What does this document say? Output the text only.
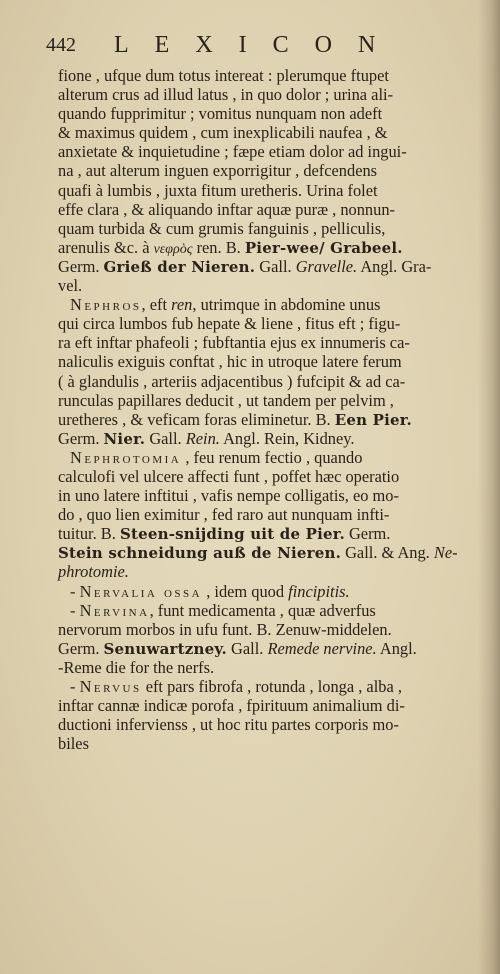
442 LEXICON
fione , ufque dum totus intereat : plerumque ftupet
alterum crus ad illud latus , in quo dolor ; urina ali-
quando fupprimitur ; vomitus nunquam non adeft
& maximus quidem , cum inexplicabili naufea , &
anxietate & inquietudine ; fæpe etiam dolor ad ingui-
na , aut alterum inguen exporrigitur , defcendens
quafi à lumbis , juxta fitum uretheris. Urina folet
effe clara , & aliquando inftar aquæ puræ , nonnun-
quam turbida & cum grumis fanguinis , pelliculis,
arenulis &c. à νεφρὸς ren. B. Pier-wee/ Grabeel.
Germ. Grieß der Nieren. Gall. Gravelle. Angl. Gra-
vel.
Nephros, eft ren, utrimque in abdomine unus
qui circa lumbos fub hepate & liene , fitus eft ; figu-
ra eft inftar phafeoli ; fubftantia ejus ex innumeris ca-
naliculis exiguis conftat , hic in utroque latere ferum
( à glandulis , arteriis adjacentibus ) fufcipit & ad ca-
runculas papillares deducit , ut tandem per pelvim ,
uretheres , & veficam foras eliminetur. B. Een Pier.
Germ. Nier. Gall. Rein. Angl. Rein, Kidney.
Nephrotomia , feu renum fectio , quando
calculofi vel ulcere affecti funt , poffet hæc operatio
in uno latere inftitui , vafis nempe colligatis, eo mo-
do , quo lien eximitur , fed raro aut nunquam infti-
tuitur. B. Steen-snijding uit de Pier. Germ.
Stein schneidung auß de Nieren. Gall. & Ang. Ne-
phrotomie.
- Nervalia ossa , idem quod fincipitis.
- Nervina, funt medicamenta , quæ adverfus
nervorum morbos in ufu funt. B. Zenuw-middelen.
Germ. Senuwartzney. Gall. Remede nervine. Angl.
-Reme die for the nerfs.
- Nervus eft pars fibrofa , rotunda , longa , alba ,
inftar cannæ indicæ porofa , fpirituum animalium di-
ductioni infervienss , ut hoc ritu partes corporis mo-
biles
